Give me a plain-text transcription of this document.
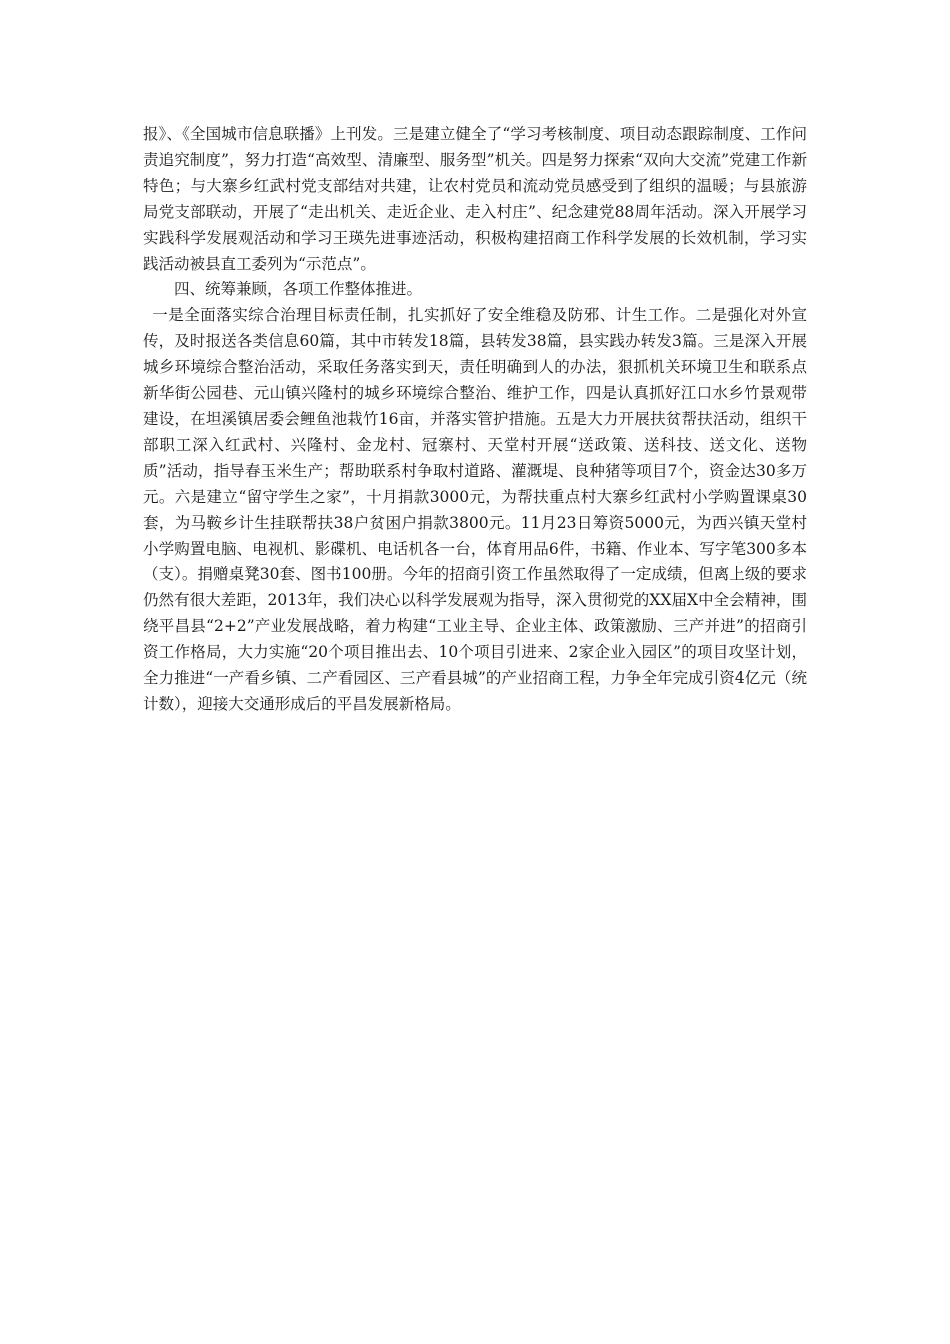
报》、《全国城市信息联播》上刊发。三是建立健全了“学习考核制度、项目动态跟踪制度、工作问责追究制度”，努力打造“高效型、清廉型、服务型”机关。四是努力探索“双向大交流”党建工作新特色；与大寨乡红武村党支部结对共建，让农村党员和流动党员感受到了组织的温暖；与县旅游局党支部联动，开展了“走出机关、走近企业、走入村庄”、纪念建党88周年活动。深入开展学习实践科学发展观活动和学习王瑛先进事迹活动，积极构建招商工作科学发展的长效机制，学习实践活动被县直工委列为“示范点”。

四、统筹兼顾，各项工作整体推进。

一是全面落实综合治理目标责任制，扎实抓好了安全维稳及防邪、计生工作。二是强化对外宣传，及时报送各类信息60篇，其中市转发18篇，县转发38篇，县实践办转发3篇。三是深入开展城乡环境综合整治活动，采取任务落实到天，责任明确到人的办法，狠抓机关环境卫生和联系点新华街公园巷、元山镇兴隆村的城乡环境综合整治、维护工作，四是认真抓好江口水乡竹景观带建设，在坦溪镇居委会鲤鱼池栽竹16亩，并落实管护措施。五是大力开展扶贫帮扶活动，组织干部职工深入红武村、兴隆村、金龙村、冠寨村、天堂村开展“送政策、送科技、送文化、送物质”活动，指导春玉米生产；帮助联系村争取村道路、灌溉堤、良种猪等项目7个，资金达30多万元。六是建立“留守学生之家”，十月捐款3000元，为帮扶重点村大寨乡红武村小学购置课桌30套，为马鞍乡计生挂联帮扶38户贫困户捐款3800元。11月23日筹资5000元，为西兴镇天堂村小学购置电脑、电视机、影碟机、电话机各一台，体育用品6件，书籍、作业本、写字笔300多本（支）。捐赠桌凳30套、图书100册。今年的招商引资工作虽然取得了一定成绩，但离上级的要求仍然有很大差距，2013年，我们决心以科学发展观为指导，深入贯彻党的XX届X中全会精神，围绕平昌县“2+2”产业发展战略，着力构建“工业主导、企业主体、政策激励、三产并进”的招商引资工作格局，大力实施“20个项目推出去、10个项目引进来、2家企业入园区”的项目攻坚计划，全力推进“一产看乡镇、二产看园区、三产看县城”的产业招商工程，力争全年完成引资4亿元（统计数），迎接大交通形成后的平昌发展新格局。
